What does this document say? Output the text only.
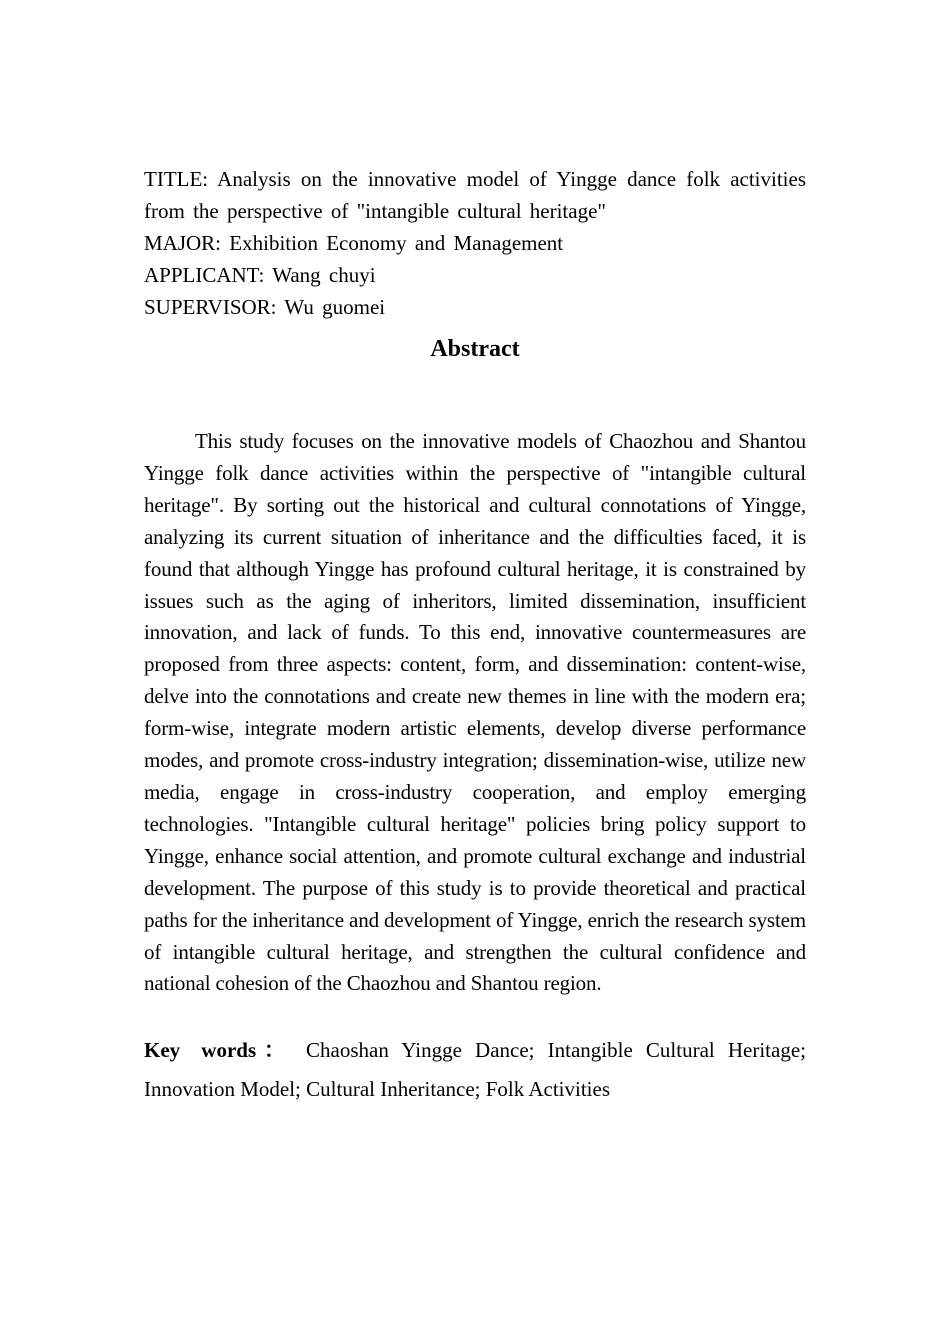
TITLE: Analysis on the innovative model of Yingge dance folk activities from the perspective of "intangible cultural heritage"
MAJOR: Exhibition Economy and Management
APPLICANT: Wang chuyi
SUPERVISOR: Wu guomei
Abstract

This study focuses on the innovative models of Chaozhou and Shantou Yingge folk dance activities within the perspective of "intangible cultural heritage". By sorting out the historical and cultural connotations of Yingge, analyzing its current situation of inheritance and the difficulties faced, it is found that although Yingge has profound cultural heritage, it is constrained by issues such as the aging of inheritors, limited dissemination, insufficient innovation, and lack of funds. To this end, innovative countermeasures are proposed from three aspects: content, form, and dissemination: content-wise, delve into the connotations and create new themes in line with the modern era; form-wise, integrate modern artistic elements, develop diverse performance modes, and promote cross-industry integration; dissemination-wise, utilize new media, engage in cross-industry cooperation, and employ emerging technologies. "Intangible cultural heritage" policies bring policy support to Yingge, enhance social attention, and promote cultural exchange and industrial development. The purpose of this study is to provide theoretical and practical paths for the inheritance and development of Yingge, enrich the research system of intangible cultural heritage, and strengthen the cultural confidence and national cohesion of the Chaozhou and Shantou region.

Key words： Chaoshan Yingge Dance; Intangible Cultural Heritage; Innovation Model; Cultural Inheritance; Folk Activities
